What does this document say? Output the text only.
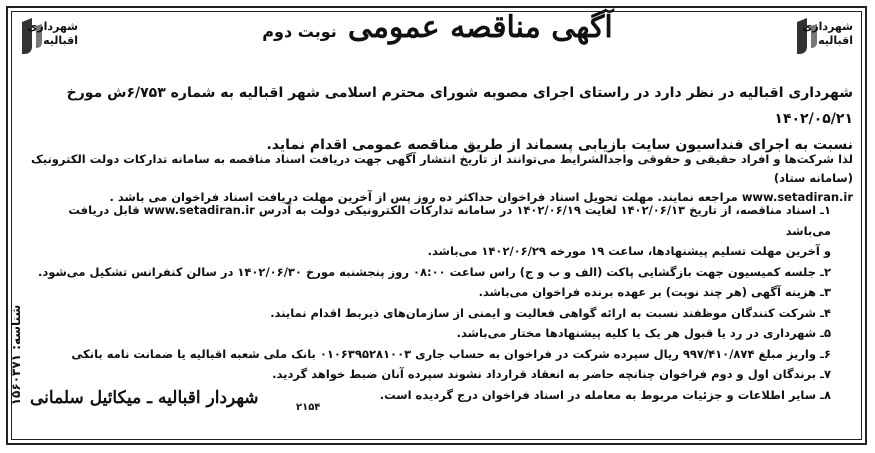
شهرداری
اقبالیه
شهرداری
اقبالیه	آگهی مناقصه عمومی نوبت دوم
شهرداری اقبالیه در نظر دارد در راستای اجرای مصوبه شورای محترم اسلامی شهر اقبالیه به شماره ۶/۷۵۳ش مورخ ۱۴۰۲/۰۵/۲۱
نسبت به اجرای فنداسیون سایت بازیابی پسماند از طریق مناقصه عمومی اقدام نماید.
لذا شرکت‌ها و افراد حقیقی و حقوقی واجدالشرایط می‌توانند از تاریخ انتشار آگهی جهت دریافت اسناد مناقصه به سامانه تدارکات دولت الکترونیک (سامانه ستاد)
www.setadiran.ir مراجعه نمایند. مهلت تحویل اسناد فراخوان حداکثر ده روز پس از آخرین مهلت دریافت اسناد فراخوان می باشد .
۱ـ اسناد مناقصه، از تاریخ ۱۴۰۲/۰۶/۱۳ لغایت ۱۴۰۲/۰۶/۱۹ در سامانه تدارکات الکترونیکی دولت به آدرس www.setadiran.ir قابل دریافت می‌باشد
و آخرین مهلت تسلیم پیشنهادها، ساعت ۱۹ مورخه ۱۴۰۲/۰۶/۲۹ می‌باشد.
۲ـ جلسه کمیسیون جهت بازگشایی پاکت (الف و ب و ج) راس ساعت ۰۸:۰۰ روز پنجشنبه مورخ ۱۴۰۲/۰۶/۳۰ در سالن کنفرانس تشکیل می‌شود.
۳ـ هزینه آگهی (هر چند نوبت) بر عهده برنده فراخوان می‌باشد.
۴ـ شرکت کنندگان موظفند نسبت به ارائه گواهی فعالیت و ایمنی از سازمان‌های ذیربط اقدام نمایند.
۵ـ شهرداری در رد یا قبول هر یک یا کلیه پیشنهادها مختار می‌باشد.
۶ـ واریز مبلغ ۹۹۷/۴۱۰/۸۷۴ ریال سپرده شرکت در فراخوان به حساب جاری ۰۱۰۶۳۹۵۲۸۱۰۰۳ بانک ملی شعبه اقبالیه یا ضمانت نامه بانکی
۷ـ برندگان اول و دوم فراخوان چنانچه حاضر به انعقاد قرارداد نشوند سپرده آنان ضبط خواهد گردید.
۸ـ سایر اطلاعات و جزئیات مربوط به معامله در اسناد فراخوان درج گردیده است.
شناسه: ۱۵۶۰۳۷۱
شهردار اقبالیه ـ میکائیل سلمانی	۲۱۵۴
